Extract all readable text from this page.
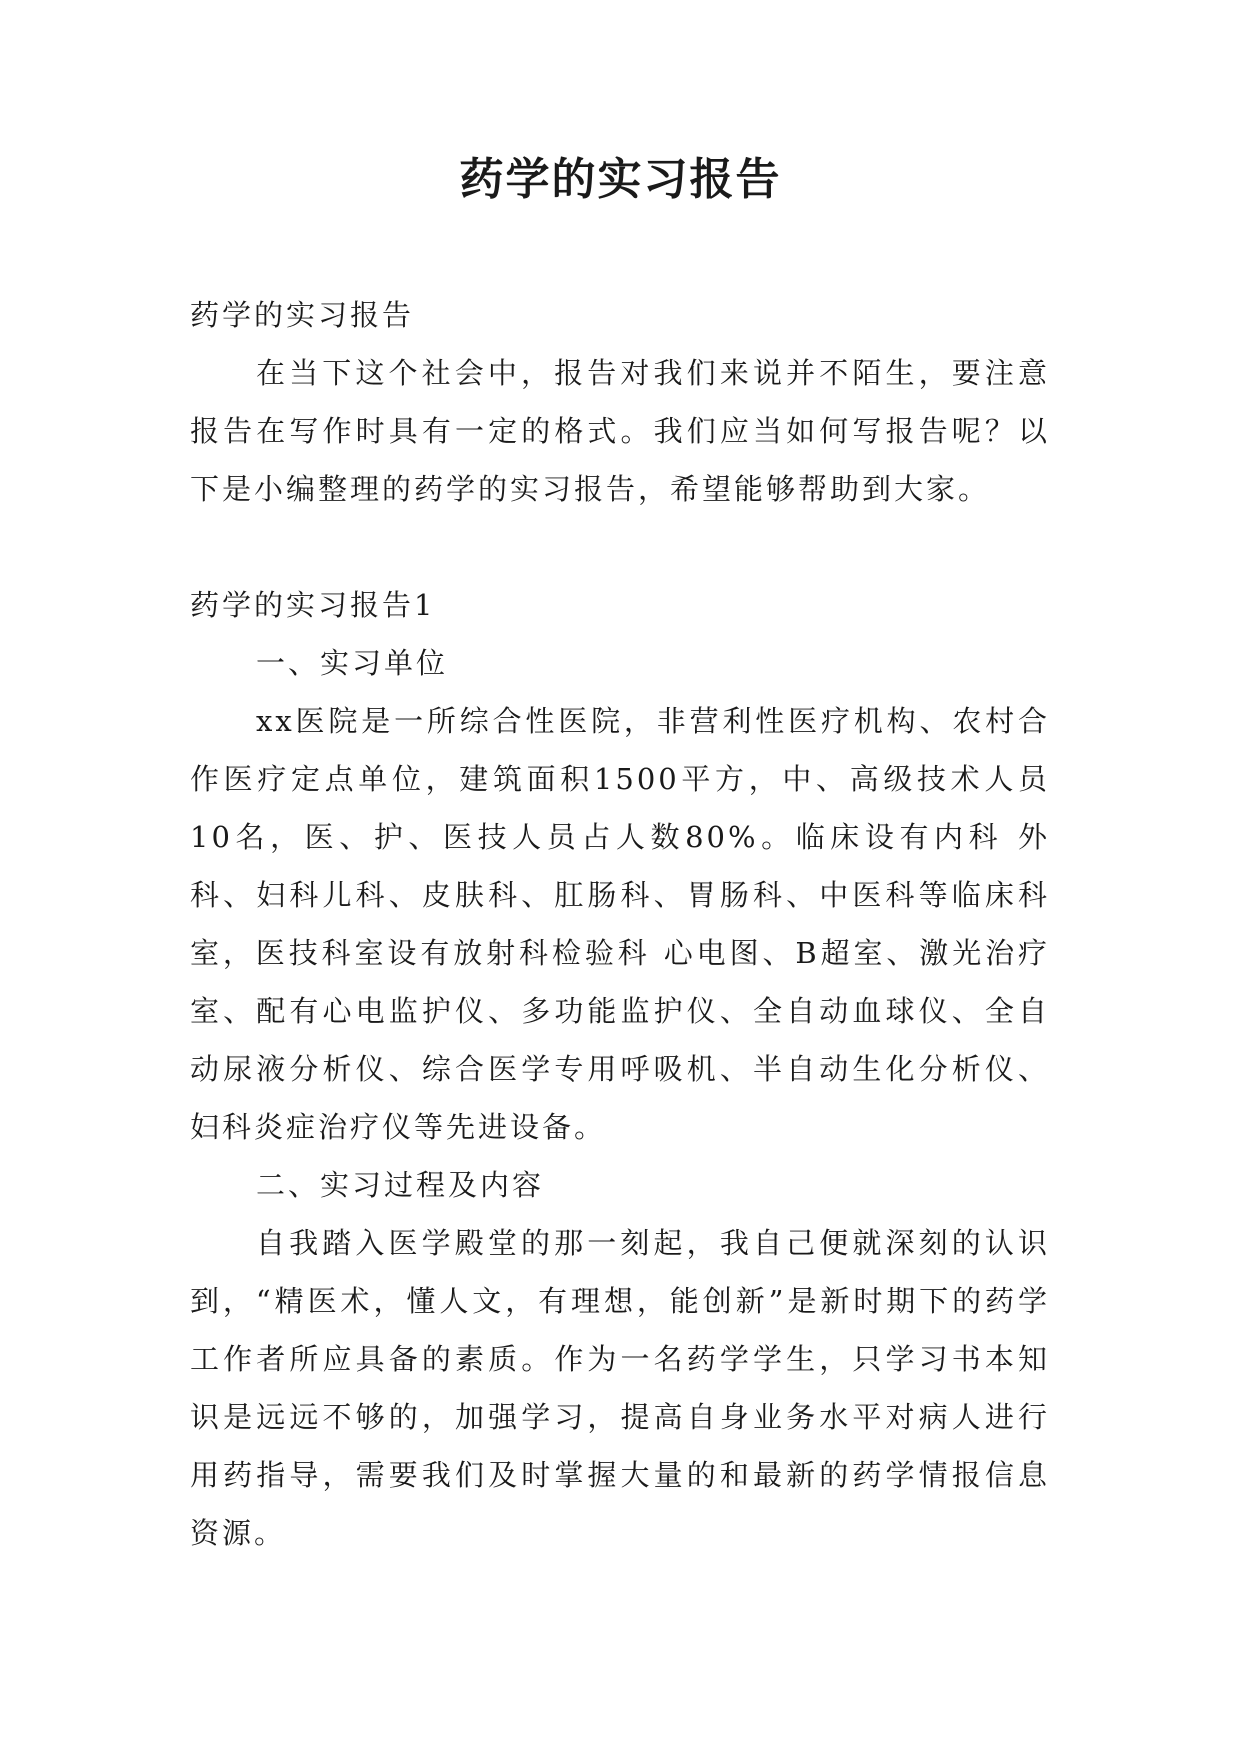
药学的实习报告

药学的实习报告

在当下这个社会中，报告对我们来说并不陌生，要注意报告在写作时具有一定的格式。我们应当如何写报告呢？以下是小编整理的药学的实习报告，希望能够帮助到大家。

药学的实习报告1

一、实习单位

xx医院是一所综合性医院，非营利性医疗机构、农村合作医疗定点单位，建筑面积1500平方，中、高级技术人员10名，医、护、医技人员占人数80%。临床设有内科 外科、妇科儿科、皮肤科、肛肠科、胃肠科、中医科等临床科室，医技科室设有放射科检验科 心电图、B超室、激光治疗室、配有心电监护仪、多功能监护仪、全自动血球仪、全自动尿液分析仪、综合医学专用呼吸机、半自动生化分析仪、妇科炎症治疗仪等先进设备。

二、实习过程及内容

自我踏入医学殿堂的那一刻起，我自己便就深刻的认识到，“精医术，懂人文，有理想，能创新”是新时期下的药学工作者所应具备的素质。作为一名药学学生，只学习书本知识是远远不够的，加强学习，提高自身业务水平对病人进行用药指导，需要我们及时掌握大量的和最新的药学情报信息资源。
